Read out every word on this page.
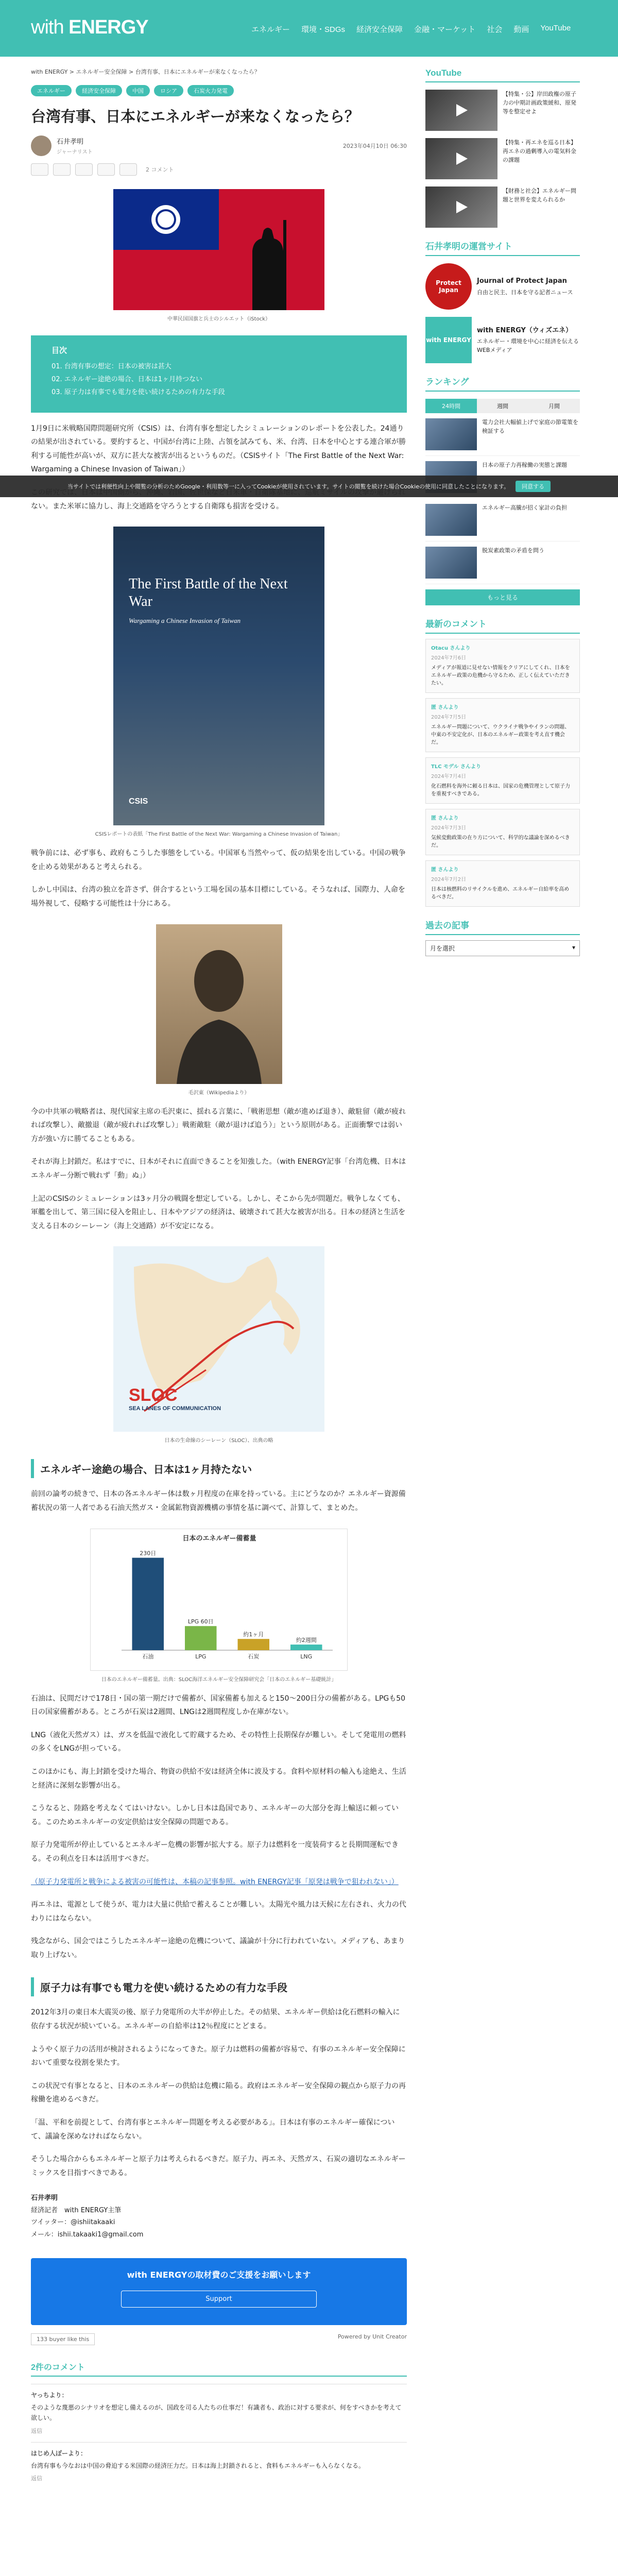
with ENERGY	エネルギー 環境・SDGs 経済安全保障 金融・マーケット 社会 動画 YouTube
with ENERGY > エネルギー安全保障 > 台湾有事、日本にエネルギーが来なくなったら？
エネルギー	経済安全保障	中国	ロシア	石炭火力発電
台湾有事、日本にエネルギーが来なくなったら？
石井孝明
ジャーナリスト
2023年04月10日 06:30
2 コメント
中華民国国旗と兵士のシルエット（iStock）
目次
01. 台湾有事の想定：日本の被害は甚大
02. エネルギー途絶の場合、日本は1ヶ月持つない
03. 原子力は有事でも電力を使い続けるための有力な手段

1月9日に米戦略国際問題研究所（CSIS）は、台湾有事を想定したシミュレーションのレポートを公表した。24通りの結果が出されている。要約すると、中国が台湾に上陸、占領を試みても、米、台湾、日本を中心とする連合軍が勝利する可能性が高いが、双方に甚大な被害が出るというものだ。（CSISサイト「The First Battle of the Next War: Wargaming a Chinese Invasion of Taiwan」）

ない。また米軍に協力し、海上交通路を守ろうとする自衛隊も損害を受ける。

The First Battle of the Next War
Wargaming a Chinese Invasion of Taiwan
CSIS
CSISレポートの表紙「The First Battle of the Next War: Wargaming a Chinese Invasion of Taiwan」

戦争前には、必ず事も、政府もこうした事態をしている。中国軍も当然やって、仮の結果を出している。中国の戦争を止める効果があると考えられる。

しかし中国は、台湾の独立を許さず、併合するという工場を国の基本目標にしている。そうなれば、国際力、人命を場外視して、侵略する可能性は十分にある。

毛沢東（Wikipediaより）

今の中共軍の戦略者は、現代国家主席の毛沢東に、揺れる言葉に、「戦術思想（敵が進めば退き）、敵駐留（敵が疲れれば攻撃し）、敵撤退（敵が疲れれば攻撃し）」戦術敵駐（敵が退けば追う）」という原則がある。正面衝撃では弱い方が強い方に勝てることもある。

それが海上封鎖だ。私はすでに、日本がそれに直面できることを知強した。（with ENERGY記事「台湾危機、日本はエネルギー分断で戦れず「動」ぬ」）

上記のCSISのシミュレーションは3ヶ月分の戦闘を想定している。しかし、そこから先が問題だ。戦争しなくても、軍艦を出して、第三国に侵入を阻止し、日本やアジアの経済は、破壊されて甚大な被害が出る。日本の経済と生活を支える日本のシーレーン（海上交通路）が不安定になる。

SLOC
SEA LANES OF COMMUNICATION
日本の生命線のシーレーン（SLOC）、出典の略
エネルギー途絶の場合、日本は1ヶ月持たない

前回の論考の続きで、日本の各エネルギー体は数ヶ月程度の在庫を持っている。主にどうなのか？エネルギー資源備蓄状況の第一人者である石油天然ガス・金属鉱物資源機構の事情を基に調べて、計算して、まとめた。

日本のエネルギー備蓄量
230日
石油
LPG 60日
LPG
約1ヶ月
石炭
約2週間
LNG
日本のエネルギー備蓄量。出典：SLOC海洋エネルギー安全保障研究会「日本のエネルギー基礎統計」

石油は、民間だけで178日・国の第一期だけで備蓄が、国家備蓄も加えると150〜200日分の備蓄がある。LPGも50日の国家備蓄がある。ところが石炭は2週間、LNGは2週間程度しか在庫がない。

LNG（液化天然ガス）は、ガスを低温で液化して貯蔵するため、その特性上長期保存が難しい。そして発電用の燃料の多くをLNGが担っている。

このほかにも、海上封鎖を受けた場合、物資の供給不安は経済全体に波及する。食料や原材料の輸入も途絶え、生活と経済に深刻な影響が出る。

こうなると、陸路を考えなくてはいけない。しかし日本は島国であり、エネルギーの大部分を海上輸送に頼っている。このためエネルギーの安定供給は安全保障の問題である。

原子力発電所が停止しているとエネルギー危機の影響が拡大する。原子力は燃料を一度装荷すると長期間運転できる。その利点を日本は活用すべきだ。

（原子力発電所と戦争による被害の可能性は、本稿の記事参照。with ENERGY記事「原発は戦争で狙われない」）

再エネは、電源として使うが、電力は大量に供給で蓄えることが難しい。太陽光や風力は天候に左右され、火力の代わりにはならない。

残念ながら、国会ではこうしたエネルギー途絶の危機について、議論が十分に行われていない。メディアも、あまり取り上げない。

原子力は有事でも電力を使い続けるための有力な手段

2012年3月の東日本大震災の後、原子力発電所の大半が停止した。その結果、エネルギー供給は化石燃料の輸入に依存する状況が続いている。エネルギーの自給率は12％程度にとどまる。

ようやく原子力の活用が検討されるようになってきた。原子力は燃料の備蓄が容易で、有事のエネルギー安全保障において重要な役割を果たす。

この状況で有事となると、日本のエネルギーの供給は危機に陥る。政府はエネルギー安全保障の観点から原子力の再稼働を進めるべきだ。

「温、平和を前提として、台湾有事とエネルギー問題を考える必要がある」。日本は有事のエネルギー確保について、議論を深めなければならない。

そうした場合からもエネルギーと原子力は考えられるべきだ。原子力、再エネ、天然ガス、石炭の適切なエネルギーミックスを目指すべきである。

石井孝明
経済記者　with ENERGY主筆
ツイッター：@ishiitakaaki
メール：ishii.takaaki1@gmail.com
with ENERGYの取材費のご支援をお願いします
Support
133 buyer like this	Powered by Unit Creator
2件のコメント
ヤっちより：
そのような蔑悪のシナリオを想定し備えるのが、国政を司る人たちの仕事だ！有識者も、政治に対する要求が、何をすべきかを考えて欲しい。
返信
はじめ人ぽーより：
台湾有事も今なおは中国の脅迫する米国際の経済圧力だ。日本は海上封鎖されると、食料もエネルギーも入らなくなる。
返信
YouTube
【特集・公】岸田政権の原子力の中期計画政策緩和、原発等を整定せよ
【特集・再エネを巡る日本】再エネの過剰導入の電気料金の課題
【財務と社会】エネルギー問題と世界を変えられるか
石井孝明の運営サイト
Protect Japan
Journal of Protect Japan
自由と民主、日本を守る記者ニュース
with ENERGY
with ENERGY（ウィズエネ）
エネルギー・環境を中心に経済を伝えるWEBメディア
ランキング
24時間	週間	月間
電力会社大幅値上げで家庭の節電策を検証する
日本の原子力再稼働の実態と課題
エネルギー高騰が招く家計の負担
脱炭素政策の矛盾を問う
もっと見る
最新のコメント
Otacu さんより
2024年7月6日
メディアが報道に見せない情報をクリアにしてくれ、日本をエネルギー政策の危機から守るため、正しく伝えていただきたい。
匿 さんより
2024年7月5日
エネルギー問題について、ウクライナ戦争やイランの問題、中東の不安定化が、日本のエネルギー政策を考え直す機会だ。
TLC モデル さんより
2024年7月4日
化石燃料を海外に頼る日本は、国家の危機管理として原子力を重視すべきである。
匿 さんより
2024年7月3日
気候変動政策の在り方について、科学的な議論を深めるべきだ。
匿 さんより
2024年7月2日
日本は核燃料のリサイクルを進め、エネルギー自給率を高めるべきだ。
過去の記事
月を選択	▾
当サイトでは利便性向上や閲覧の分析のためGoogle・利用数等一に入ってCookieが使用されています。サイトの閲覧を続けた場合Cookieの使用に同意したことになります。	同意する
